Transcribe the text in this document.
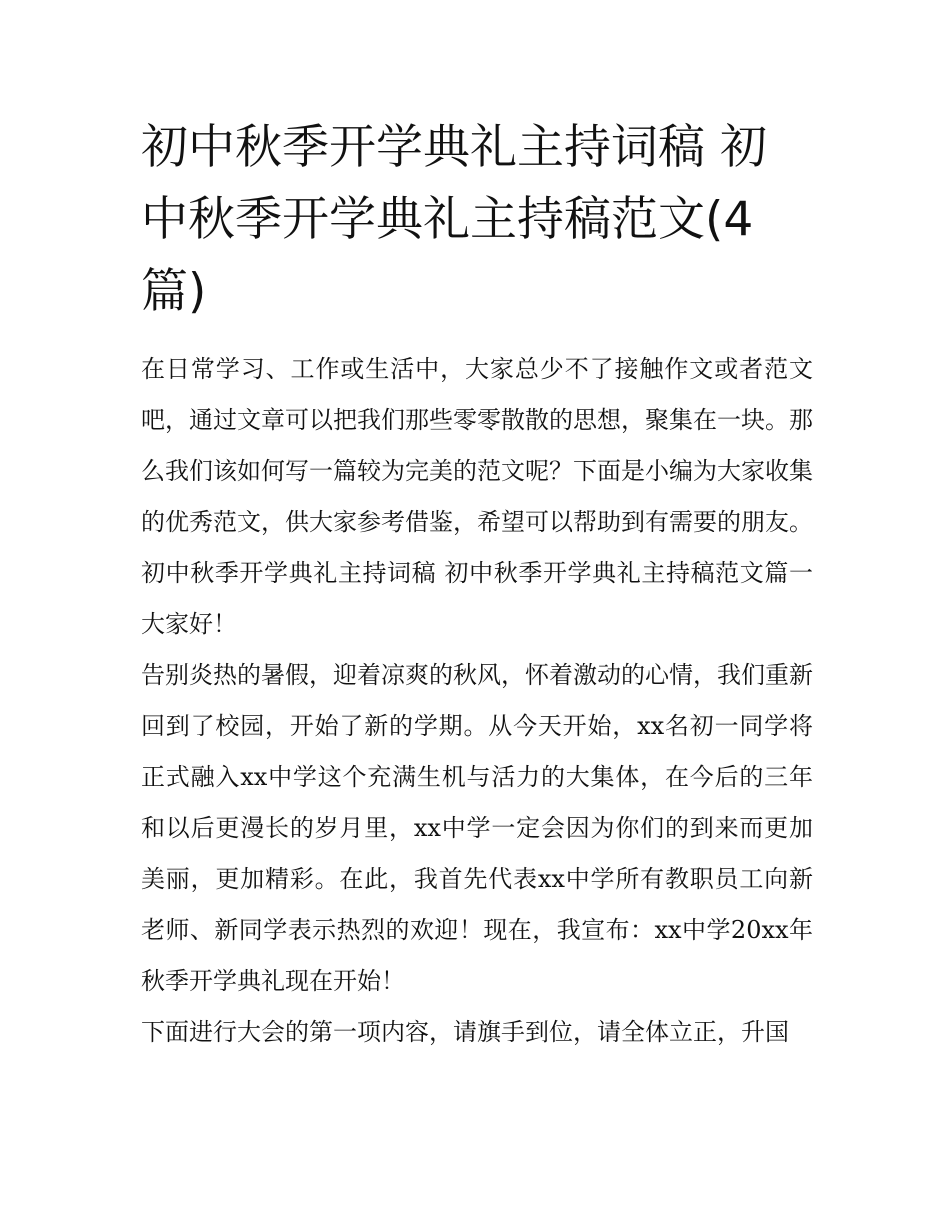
初中秋季开学典礼主持词稿 初中秋季开学典礼主持稿范文(4篇)

在日常学习、工作或生活中，大家总少不了接触作文或者范文吧，通过文章可以把我们那些零零散散的思想，聚集在一块。那么我们该如何写一篇较为完美的范文呢？下面是小编为大家收集的优秀范文，供大家参考借鉴，希望可以帮助到有需要的朋友。

初中秋季开学典礼主持词稿 初中秋季开学典礼主持稿范文篇一 大家好！

告别炎热的暑假，迎着凉爽的秋风，怀着激动的心情，我们重新回到了校园，开始了新的学期。从今天开始，xx名初一同学将正式融入xx中学这个充满生机与活力的大集体，在今后的三年和以后更漫长的岁月里，xx中学一定会因为你们的到来而更加美丽，更加精彩。在此，我首先代表xx中学所有教职员工向新老师、新同学表示热烈的欢迎！现在，我宣布：xx中学20xx年秋季开学典礼现在开始！

下面进行大会的第一项内容，请旗手到位，请全体立正，升国
